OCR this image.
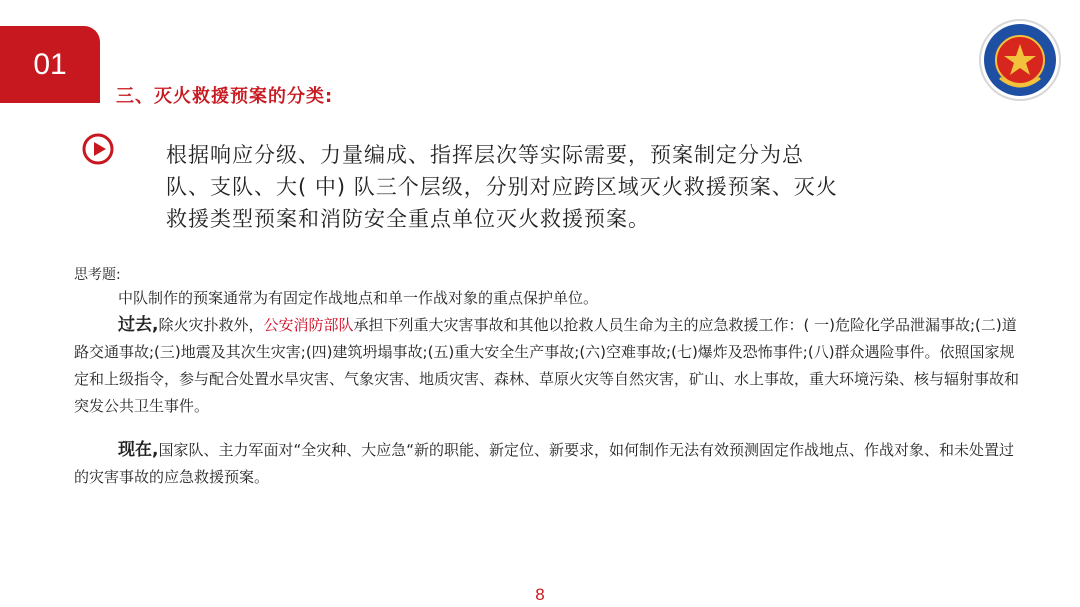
01
三、灭火救援预案的分类:
根据响应分级、力量编成、指挥层次等实际需要，预案制定分为总队、支队、大( 中) 队三个层级，分别对应跨区域灭火救援预案、灭火救援类型预案和消防安全重点单位灭火救援预案。
思考题:
中队制作的预案通常为有固定作战地点和单一作战对象的重点保护单位。
过去,除火灾扑救外，公安消防部队承担下列重大灾害事故和其他以抢救人员生命为主的应急救援工作：( 一)危险化学品泄漏事故;(二)道路交通事故;(三)地震及其次生灾害;(四)建筑坍塌事故;(五)重大安全生产事故;(六)空难事故;(七)爆炸及恐怖事件;(八)群众遇险事件。依照国家规定和上级指令，参与配合处置水旱灾害、气象灾害、地质灾害、森林、草原火灾等自然灾害，矿山、水上事故，重大环境污染、核与辐射事故和突发公共卫生事件。
现在,国家队、主力军面对“全灾种、大应急“新的职能、新定位、新要求，如何制作无法有效预测固定作战地点、作战对象、和未处置过的灾害事故的应急救援预案。
8
